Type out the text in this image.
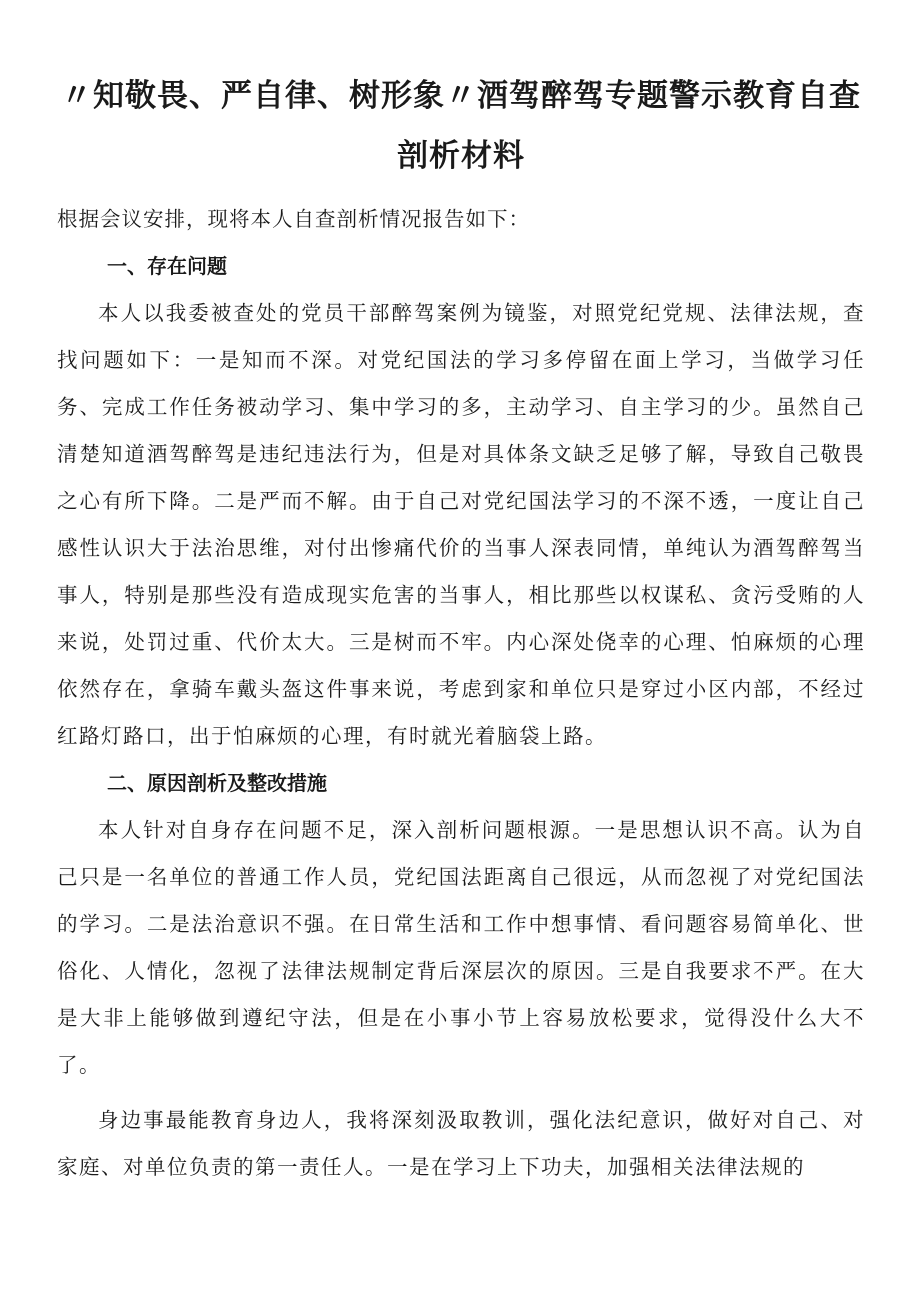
〃知敬畏、严自律、树形象〃酒驾醉驾专题警示教育自查剖析材料

根据会议安排，现将本人自查剖析情况报告如下：

一、存在问题

本人以我委被查处的党员干部醉驾案例为镜鉴，对照党纪党规、法律法规，查找问题如下：一是知而不深。对党纪国法的学习多停留在面上学习，当做学习任务、完成工作任务被动学习、集中学习的多，主动学习、自主学习的少。虽然自己清楚知道酒驾醉驾是违纪违法行为，但是对具体条文缺乏足够了解，导致自己敬畏之心有所下降。二是严而不解。由于自己对党纪国法学习的不深不透，一度让自己感性认识大于法治思维，对付出惨痛代价的当事人深表同情，单纯认为酒驾醉驾当事人，特别是那些没有造成现实危害的当事人，相比那些以权谋私、贪污受贿的人来说，处罚过重、代价太大。三是树而不牢。内心深处侥幸的心理、怕麻烦的心理依然存在，拿骑车戴头盔这件事来说，考虑到家和单位只是穿过小区内部，不经过红路灯路口，出于怕麻烦的心理，有时就光着脑袋上路。

二、原因剖析及整改措施

本人针对自身存在问题不足，深入剖析问题根源。一是思想认识不高。认为自己只是一名单位的普通工作人员，党纪国法距离自己很远，从而忽视了对党纪国法的学习。二是法治意识不强。在日常生活和工作中想事情、看问题容易简单化、世俗化、人情化，忽视了法律法规制定背后深层次的原因。三是自我要求不严。在大是大非上能够做到遵纪守法，但是在小事小节上容易放松要求，觉得没什么大不了。

身边事最能教育身边人，我将深刻汲取教训，强化法纪意识，做好对自己、对家庭、对单位负责的第一责任人。一是在学习上下功夫，加强相关法律法规的
